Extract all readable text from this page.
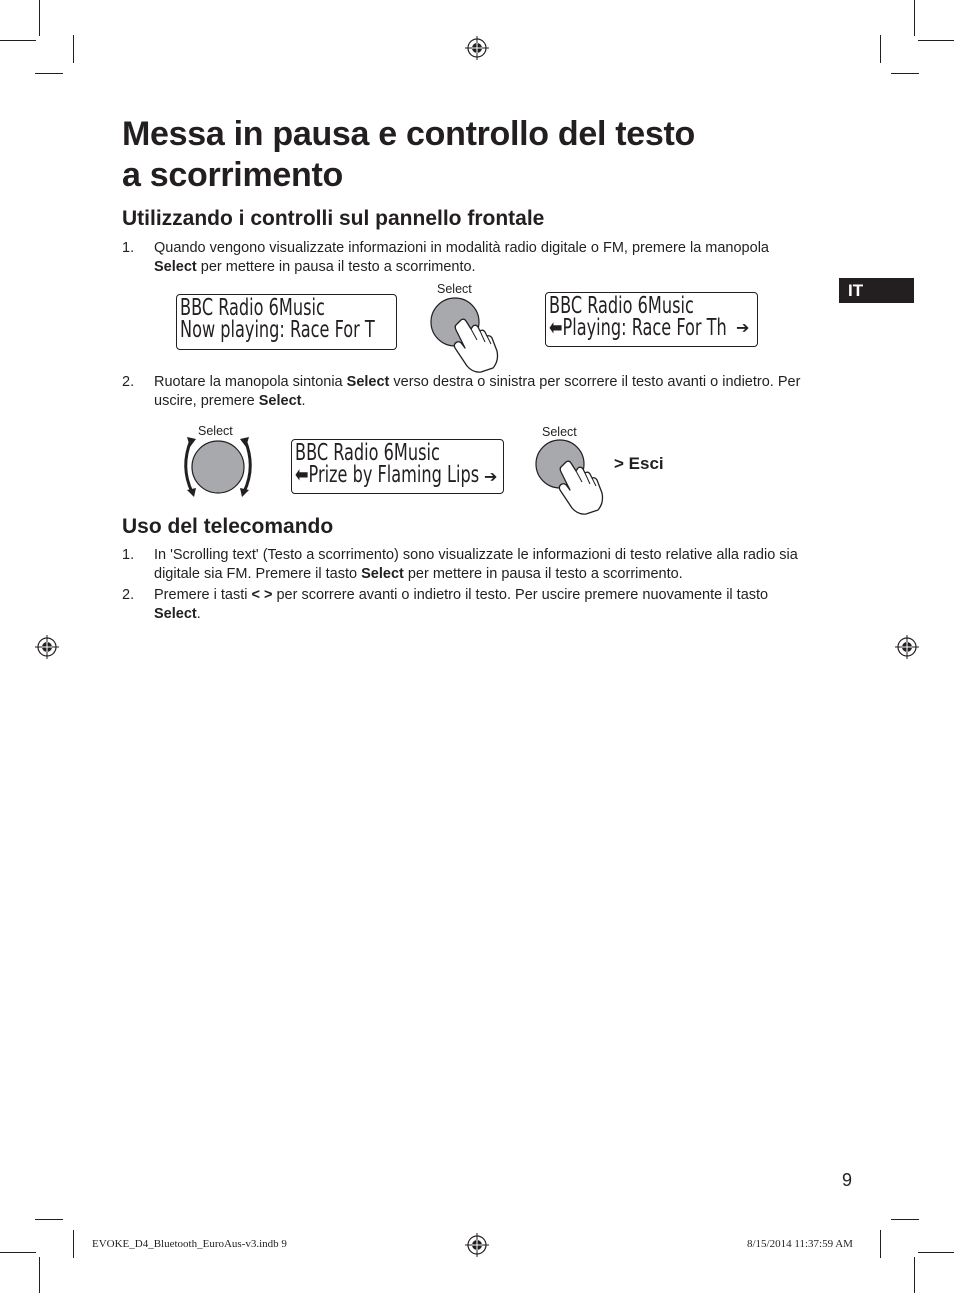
Messa in pausa e controllo del testo
a scorrimento
Utilizzando i controlli sul pannello frontale
1. Quando vengono visualizzate informazioni in modalità radio digitale o FM, premere la manopola Select per mettere in pausa il testo a scorrimento.
BBC Radio 6Music
Now playing: Race For T
Select
BBC Radio 6Music
⬅Playing: Race For Th ➔
2. Ruotare la manopola sintonia Select verso destra o sinistra per scorrere il testo avanti o indietro. Per uscire, premere Select.
Select
BBC Radio 6Music
⬅Prize by Flaming Lips ➔
Select
> Esci
Uso del telecomando
1. In 'Scrolling text' (Testo a scorrimento) sono visualizzate le informazioni di testo relative alla radio sia digitale sia FM. Premere il tasto Select per mettere in pausa il testo a scorrimento.
2. Premere i tasti < > per scorrere avanti o indietro il testo. Per uscire premere nuovamente il tasto Select.
IT
9
EVOKE_D4_Bluetooth_EuroAus-v3.indb 9	8/15/2014 11:37:59 AM
